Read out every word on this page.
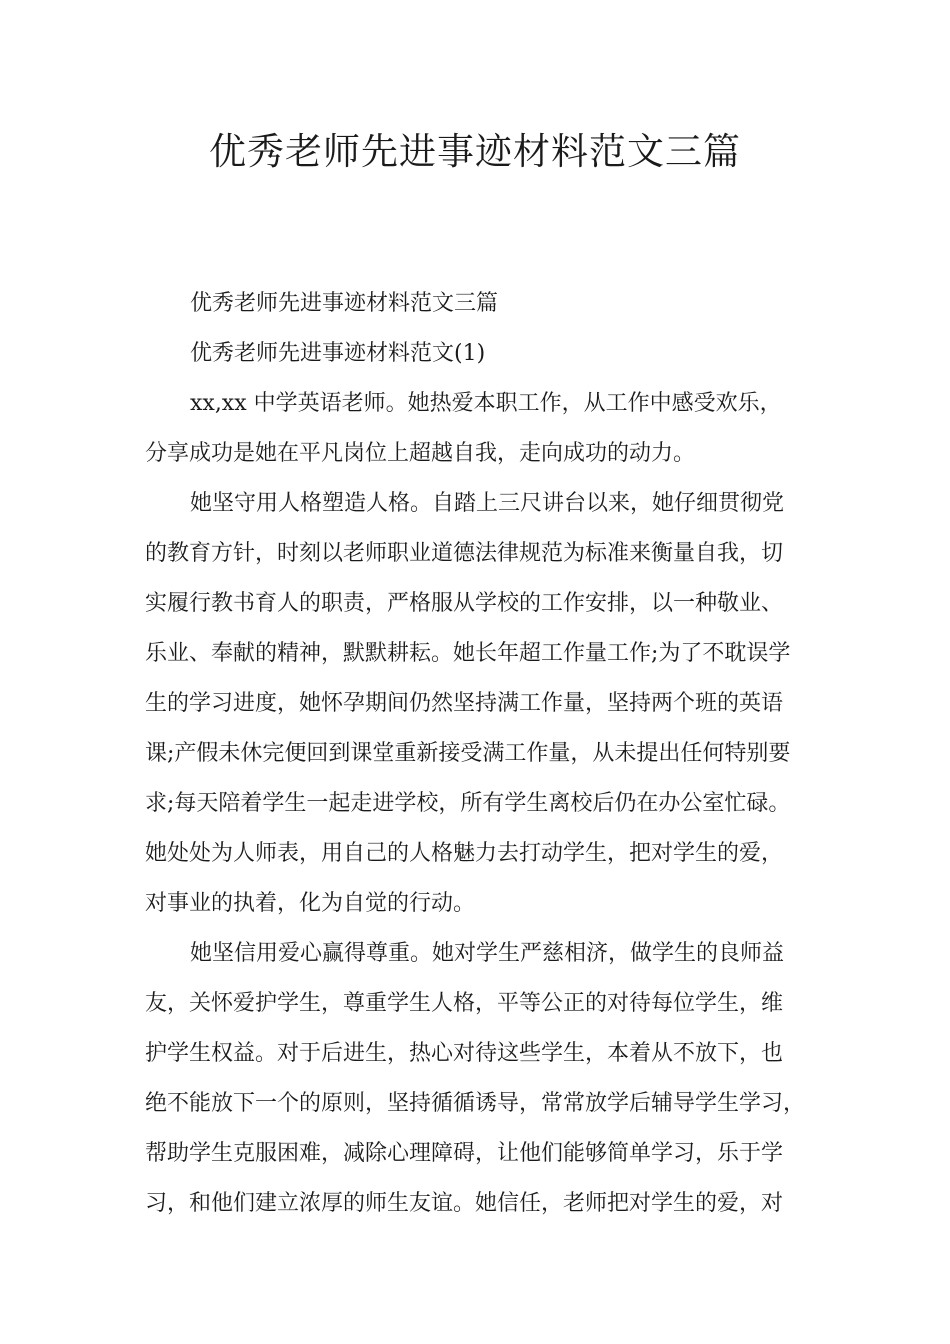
优秀老师先进事迹材料范文三篇
优秀老师先进事迹材料范文三篇
优秀老师先进事迹材料范文(1)
xx,xx 中学英语老师。她热爱本职工作，从工作中感受欢乐，
分享成功是她在平凡岗位上超越自我，走向成功的动力。
她坚守用人格塑造人格。自踏上三尺讲台以来，她仔细贯彻党
的教育方针，时刻以老师职业道德法律规范为标准来衡量自我，切
实履行教书育人的职责，严格服从学校的工作安排，以一种敬业、
乐业、奉献的精神，默默耕耘。她长年超工作量工作;为了不耽误学
生的学习进度，她怀孕期间仍然坚持满工作量，坚持两个班的英语
课;产假未休完便回到课堂重新接受满工作量，从未提出任何特别要
求;每天陪着学生一起走进学校，所有学生离校后仍在办公室忙碌。
她处处为人师表，用自己的人格魅力去打动学生，把对学生的爱，
对事业的执着，化为自觉的行动。
她坚信用爱心赢得尊重。她对学生严慈相济，做学生的良师益
友，关怀爱护学生，尊重学生人格，平等公正的对待每位学生，维
护学生权益。对于后进生，热心对待这些学生，本着从不放下，也
绝不能放下一个的原则，坚持循循诱导，常常放学后辅导学生学习，
帮助学生克服困难，减除心理障碍，让他们能够简单学习，乐于学
习，和他们建立浓厚的师生友谊。她信任，老师把对学生的爱，对
